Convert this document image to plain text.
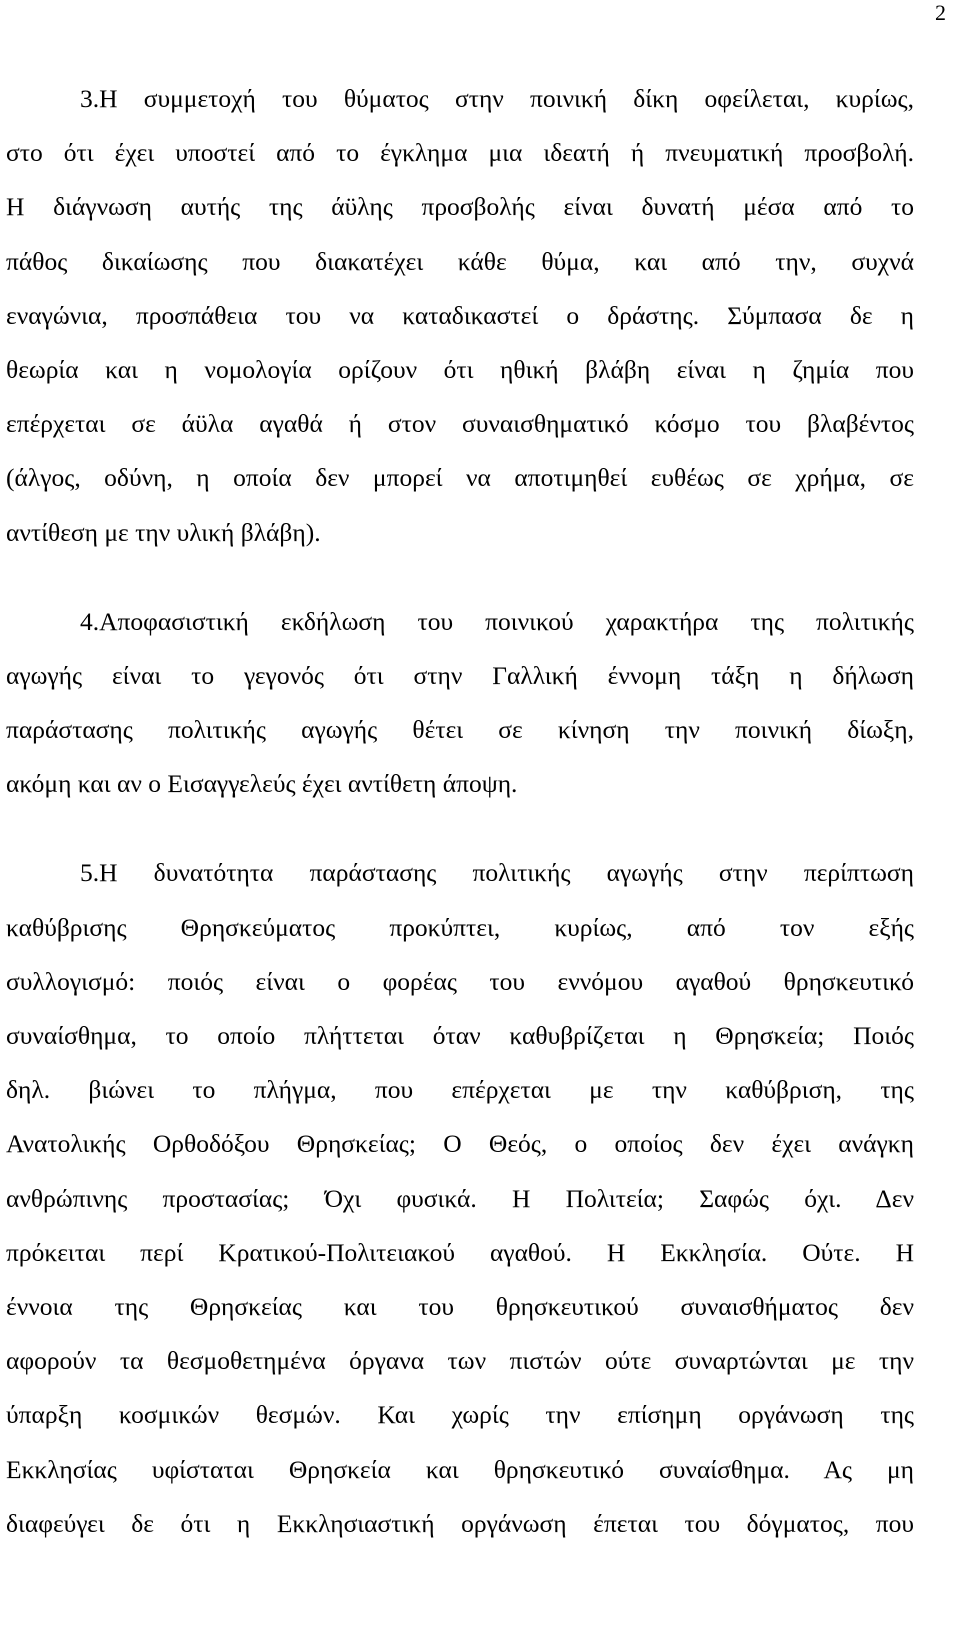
2
3.Η συμμετοχή του θύματος στην ποινική δίκη οφείλεται, κυρίως,
στο ότι έχει υποστεί από το έγκλημα μια ιδεατή ή πνευματική προσβολή.
Η διάγνωση αυτής της άϋλης προσβολής είναι δυνατή μέσα από το
πάθος δικαίωσης που διακατέχει κάθε θύμα, και από την, συχνά
εναγώνια, προσπάθεια του να καταδικαστεί ο δράστης. Σύμπασα δε η
θεωρία και η νομολογία ορίζουν ότι ηθική βλάβη είναι η ζημία που
επέρχεται σε άϋλα αγαθά ή στον συναισθηματικό κόσμο του βλαβέντος
(άλγος, οδύνη, η οποία δεν μπορεί να αποτιμηθεί ευθέως σε χρήμα, σε
αντίθεση με την υλική βλάβη).
4.Αποφασιστική εκδήλωση του ποινικού χαρακτήρα της πολιτικής
αγωγής είναι το γεγονός ότι στην Γαλλική έννομη τάξη η δήλωση
παράστασης πολιτικής αγωγής θέτει σε κίνηση την ποινική δίωξη,
ακόμη και αν ο Εισαγγελεύς έχει αντίθετη άποψη.
5.Η δυνατότητα παράστασης πολιτικής αγωγής στην περίπτωση
καθύβρισης Θρησκεύματος προκύπτει, κυρίως, από τον εξής
συλλογισμό: ποιός είναι ο φορέας του εννόμου αγαθού θρησκευτικό
συναίσθημα, το οποίο πλήττεται όταν καθυβρίζεται η Θρησκεία; Ποιός
δηλ. βιώνει το πλήγμα, που επέρχεται με την καθύβριση, της
Ανατολικής Ορθοδόξου Θρησκείας; Ο Θεός, ο οποίος δεν έχει ανάγκη
ανθρώπινης προστασίας; Όχι φυσικά. Η Πολιτεία; Σαφώς όχι. Δεν
πρόκειται περί Κρατικού-Πολιτειακού αγαθού. Η Εκκλησία. Ούτε. Η
έννοια της Θρησκείας και του θρησκευτικού συναισθήματος δεν
αφορούν τα θεσμοθετημένα όργανα των πιστών ούτε συναρτώνται με την
ύπαρξη κοσμικών θεσμών. Και χωρίς την επίσημη οργάνωση της
Εκκλησίας υφίσταται Θρησκεία και θρησκευτικό συναίσθημα. Ας μη
διαφεύγει δε ότι η Εκκλησιαστική οργάνωση έπεται του δόγματος, που
